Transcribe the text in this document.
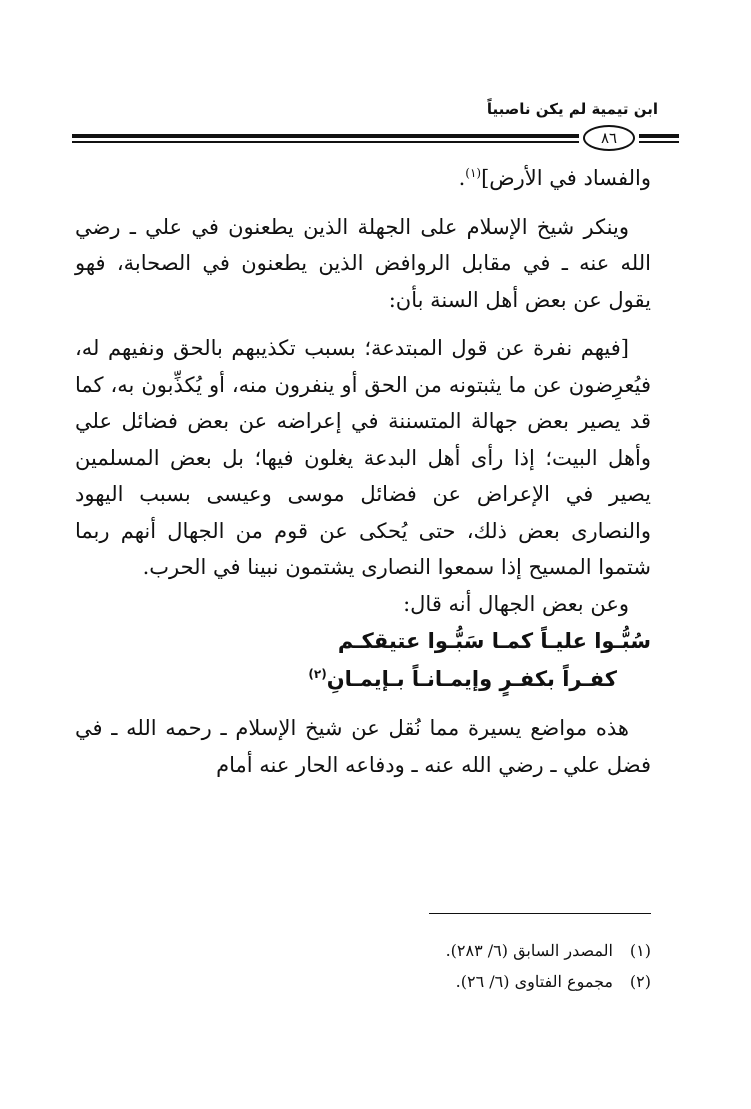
ابن تيمية لم يكن ناصبياً
٨٦

والفساد في الأرض]$^{(١)}$.

وينكر شيخ الإسلام على الجهلة الذين يطعنون في علي ـ رضي الله عنه ـ في مقابل الروافض الذين يطعنون في الصحابة، فهو يقول عن بعض أهل السنة بأن:

[فيهم نفرة عن قول المبتدعة؛ بسبب تكذيبهم بالحق ونفيهم له، فيُعرِضون عن ما يثبتونه من الحق أو ينفرون منه، أو يُكذِّبون به، كما قد يصير بعض جهالة المتسننة في إعراضه عن بعض فضائل علي وأهل البيت؛ إذا رأى أهل البدعة يغلون فيها؛ بل بعض المسلمين يصير في الإعراض عن فضائل موسى وعيسى بسبب اليهود والنصارى بعض ذلك، حتى يُحكى عن قوم من الجهال أنهم ربما شتموا المسيح إذا سمعوا النصارى يشتمون نبينا في الحرب.

وعن بعض الجهال أنه قال:

سُبُّـوا عليـاً كمـا سَبُّـوا عتيقكـم
كفـراً بكفـرٍ وإيمـانـاً بـإيمـانِ$^{(٢)}$

هذه مواضع يسيرة مما نُقل عن شيخ الإسلام ـ رحمه الله ـ في فضل علي ـ رضي الله عنه ـ ودفاعه الحار عنه أمام

(١)
المصدر السابق (٦/ ٢٨٣).
(٢)
مجموع الفتاوى (٦/ ٢٦).
